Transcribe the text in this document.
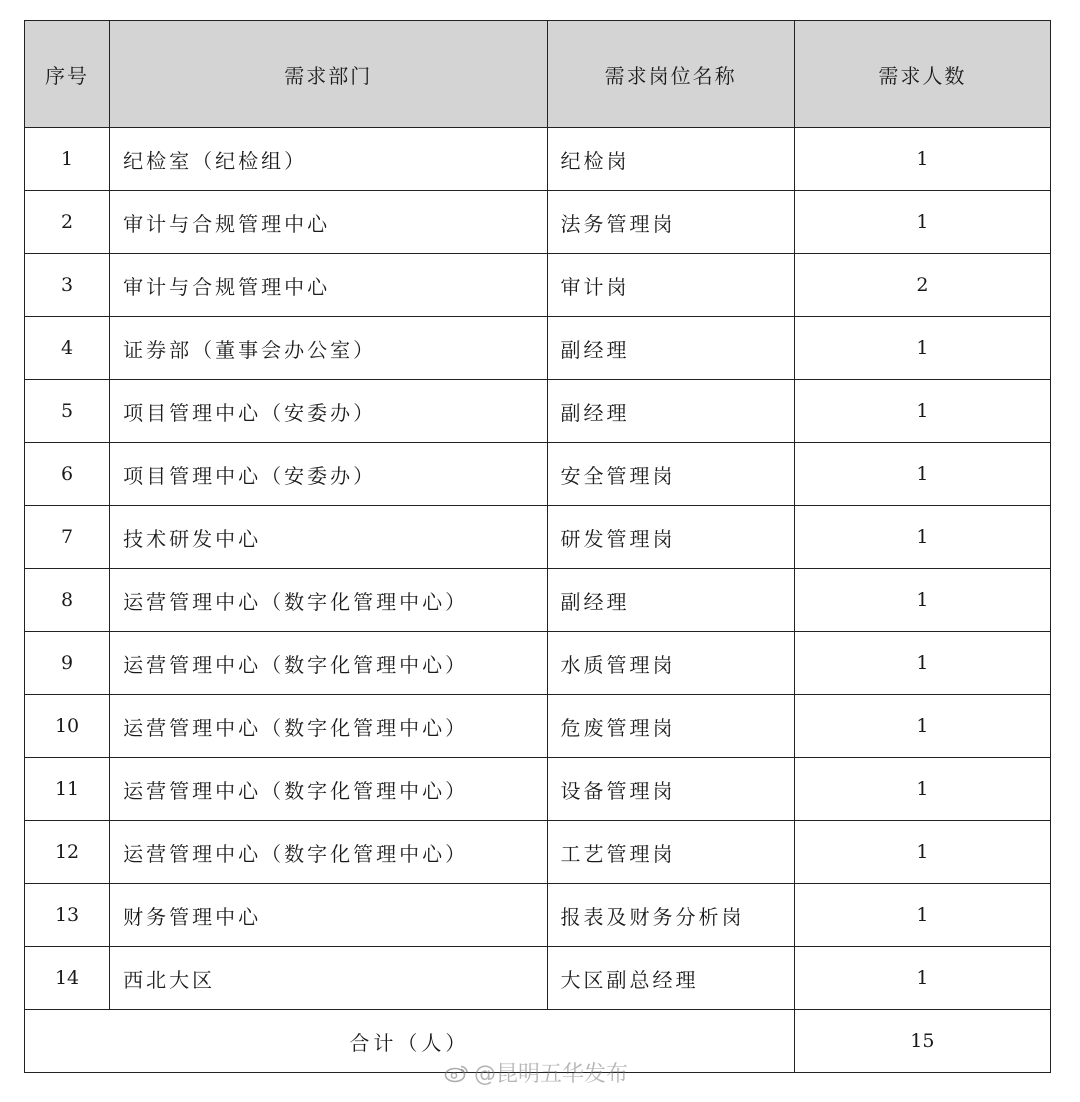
序号	需求部门	需求岗位名称	需求人数
1	纪检室（纪检组）	纪检岗	1
2	审计与合规管理中心	法务管理岗	1
3	审计与合规管理中心	审计岗	2
4	证券部（董事会办公室）	副经理	1
5	项目管理中心（安委办）	副经理	1
6	项目管理中心（安委办）	安全管理岗	1
7	技术研发中心	研发管理岗	1
8	运营管理中心（数字化管理中心）	副经理	1
9	运营管理中心（数字化管理中心）	水质管理岗	1
10	运营管理中心（数字化管理中心）	危废管理岗	1
11	运营管理中心（数字化管理中心）	设备管理岗	1
12	运营管理中心（数字化管理中心）	工艺管理岗	1
13	财务管理中心	报表及财务分析岗	1
14	西北大区	大区副总经理	1
合计（人）			15
@昆明五华发布
